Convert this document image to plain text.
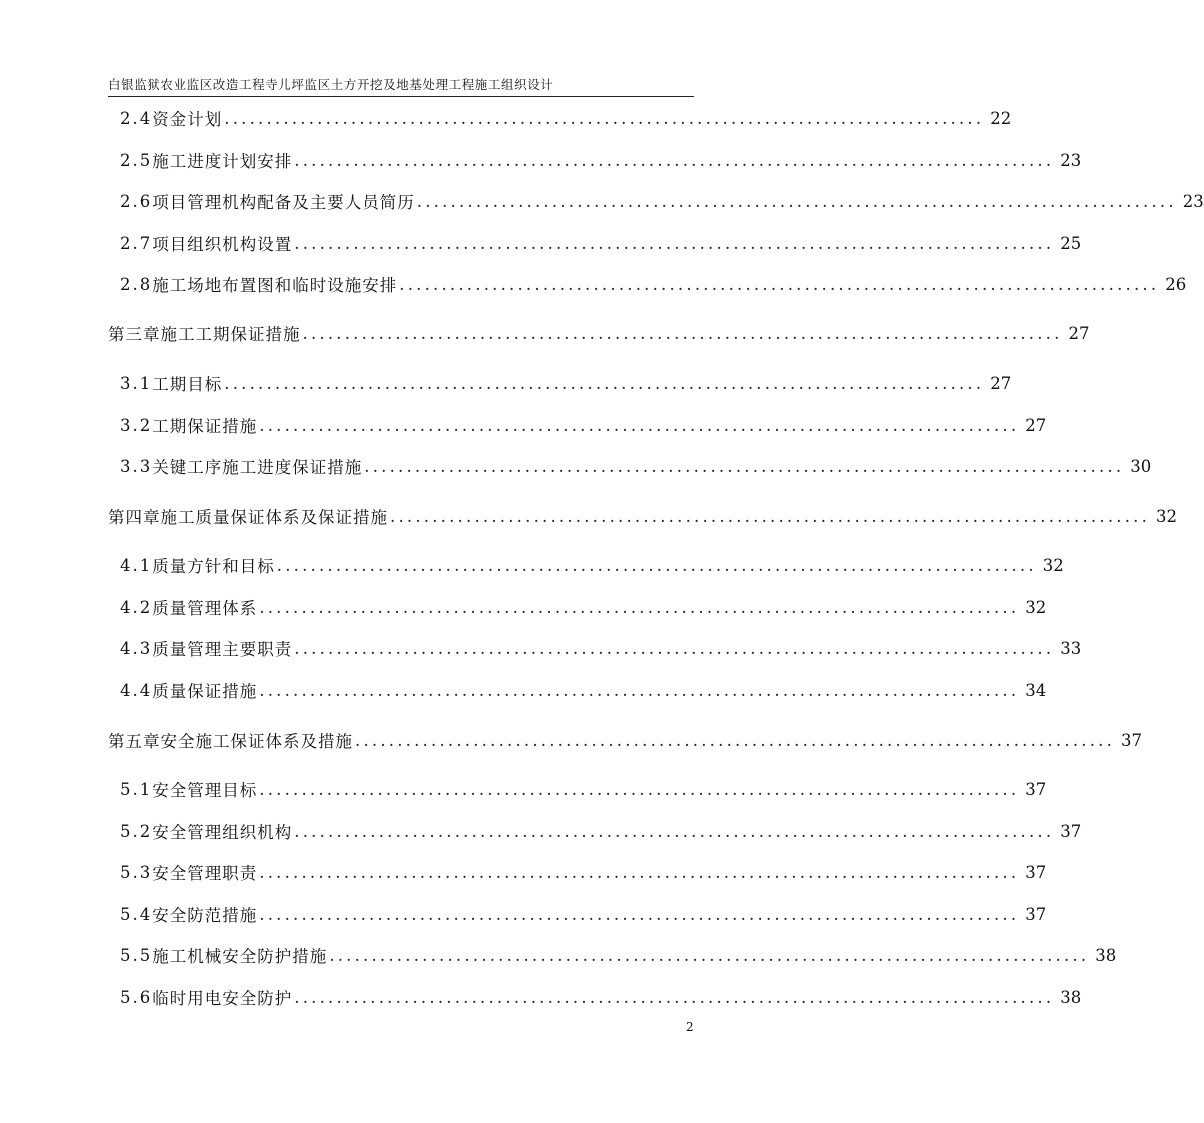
白银监狱农业监区改造工程寺儿坪监区土方开挖及地基处理工程施工组织设计
2.4 资金计划 .......................................................................................... 22
2.5 施工进度计划安排 .......................................................................................... 23
2.6 项目管理机构配备及主要人员简历 .......................................................................................... 23
2.7 项目组织机构设置 .......................................................................................... 25
2.8 施工场地布置图和临时设施安排 .......................................................................................... 26
第三章 施工工期保证措施 .......................................................................................... 27
3.1 工期目标 .......................................................................................... 27
3.2 工期保证措施 .......................................................................................... 27
3.3 关键工序施工进度保证措施 .......................................................................................... 30
第四章 施工质量保证体系及保证措施 .......................................................................................... 32
4.1 质量方针和目标 .......................................................................................... 32
4.2 质量管理体系 .......................................................................................... 32
4.3 质量管理主要职责 .......................................................................................... 33
4.4 质量保证措施 .......................................................................................... 34
第五章 安全施工保证体系及措施 .......................................................................................... 37
5.1 安全管理目标 .......................................................................................... 37
5.2 安全管理组织机构 .......................................................................................... 37
5.3 安全管理职责 .......................................................................................... 37
5.4 安全防范措施 .......................................................................................... 37
5.5 施工机械安全防护措施 .......................................................................................... 38
5.6 临时用电安全防护 .......................................................................................... 38
2
